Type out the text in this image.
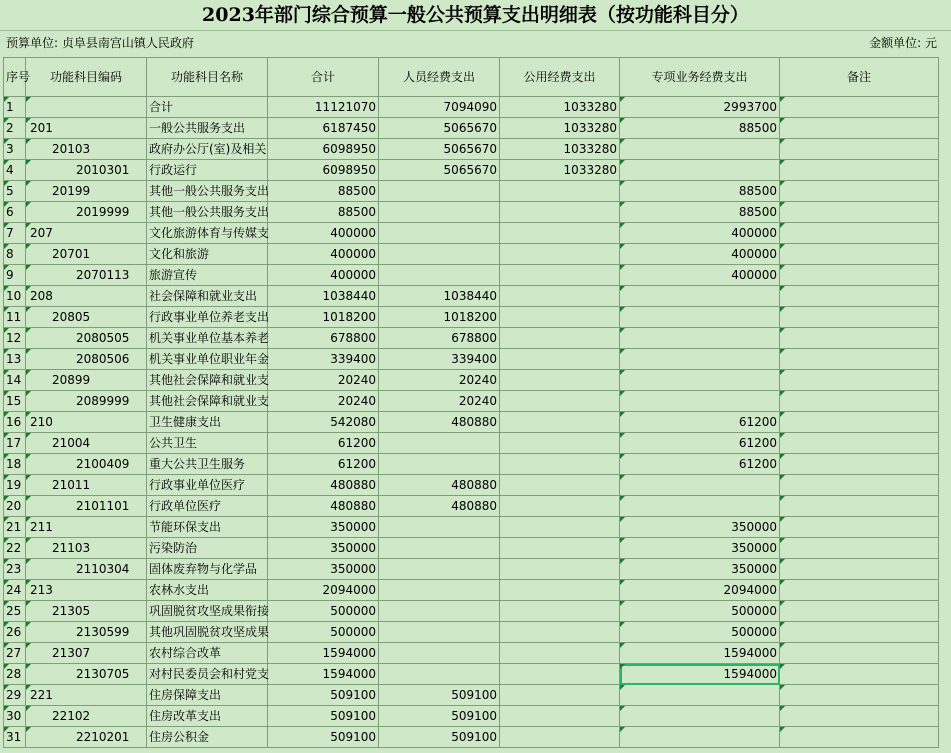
2023年部门综合预算一般公共预算支出明细表（按功能科目分）
预算单位: 贞阜县南宫山镇人民政府	金额单位: 元
序号	功能科目编码	功能科目名称	合计	人员经费支出	公用经费支出	专项业务经费支出	备注
1		合计	11121070	7094090	1033280	2993700	
2	201	一般公共服务支出	6187450	5065670	1033280	88500	
3	20103	政府办公厅(室)及相关	6098950	5065670	1033280		
4	2010301	行政运行	6098950	5065670	1033280		
5	20199	其他一般公共服务支出	88500			88500	
6	2019999	其他一般公共服务支出	88500			88500	
7	207	文化旅游体育与传媒支	400000			400000	
8	20701	文化和旅游	400000			400000	
9	2070113	旅游宣传	400000			400000	
10	208	社会保障和就业支出	1038440	1038440			
11	20805	行政事业单位养老支出	1018200	1018200			
12	2080505	机关事业单位基本养老	678800	678800			
13	2080506	机关事业单位职业年金	339400	339400			
14	20899	其他社会保障和就业支	20240	20240			
15	2089999	其他社会保障和就业支	20240	20240			
16	210	卫生健康支出	542080	480880		61200	
17	21004	公共卫生	61200			61200	
18	2100409	重大公共卫生服务	61200			61200	
19	21011	行政事业单位医疗	480880	480880			
20	2101101	行政单位医疗	480880	480880			
21	211	节能环保支出	350000			350000	
22	21103	污染防治	350000			350000	
23	2110304	固体废弃物与化学品	350000			350000	
24	213	农林水支出	2094000			2094000	
25	21305	巩固脱贫攻坚成果衔接	500000			500000	
26	2130599	其他巩固脱贫攻坚成果	500000			500000	
27	21307	农村综合改革	1594000			1594000	
28	2130705	对村民委员会和村党支	1594000			1594000	
29	221	住房保障支出	509100	509100			
30	22102	住房改革支出	509100	509100			
31	2210201	住房公积金	509100	509100			
